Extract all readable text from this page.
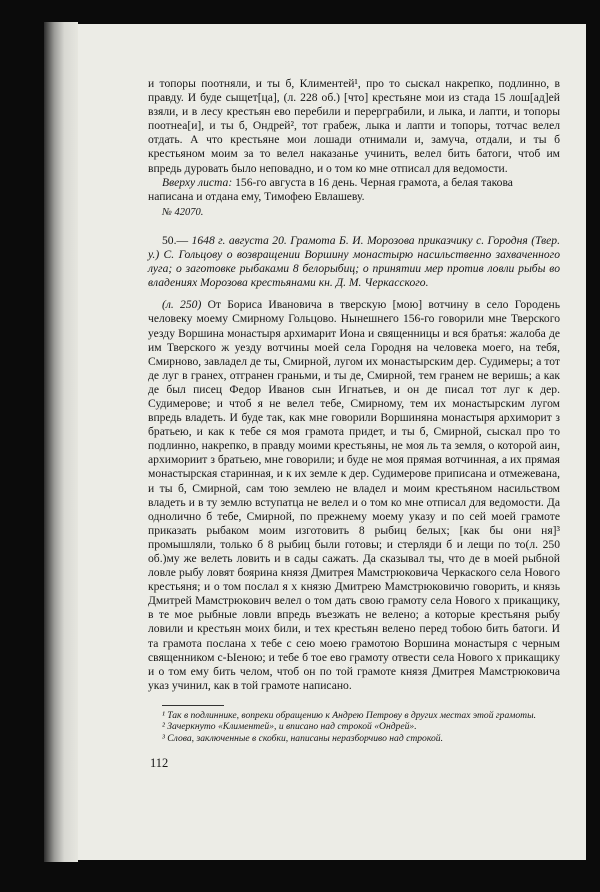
и топоры поотняли, и ты б, Климентей¹, про то сыскал накрепко, подлинно, в правду. И буде сыщет[ца], (л. 228 об.) [что] крестьяне мои из стада 15 лош[ад]ей взяли, и в лесу крестьян ево перебили и перерграбили, и лыка, и лапти, и топоры поотнеа[и], и ты б, Ондрей², тот грабеж, лыка и лапти и топоры, тотчас велел отдать. А что крестьяне мои лошади отнимали и, замуча, отдали, и ты б крестьяном моим за то велел наказанье учинить, велел бить батоги, чтоб им впредь дуровать было неповадно, и о том ко мне отписал для ведомости.

Вверху листа: 156-го августа в 16 день. Черная грамота, а белая такова написана и отдана ему, Тимофею Евлашеву.

№ 42070.

50.— 1648 г. августа 20. Грамота Б. И. Морозова приказчику с. Городня (Твер. у.) С. Гольцову о возвращении Воршину монастырю насильственно захваченного луга; о заготовке рыбаками 8 белорыбиц; о принятии мер против ловли рыбы во владениях Морозова крестьянами кн. Д. М. Черкасского.

(л. 250) От Бориса Ивановича в тверскую [мою] вотчину в село Городень человеку моему Смирному Гольцово. Нынешнего 156-го говорили мне Тверского уезду Воршина монастыря архимарит Иона и священницы и вся братья: жалоба де им Тверского ж уезду вотчины моей села Городня на человека моего, на тебя, Смирново, завладел де ты, Смирной, лугом их монастырским дер. Судимеры; а тот де луг в гранех, отгранен граньми, и ты де, Смирной, тем гранем не веришь; а как де был писец Федор Иванов сын Игнатьев, и он де писал тот луг к дер. Судимерове; и чтоб я не велел тебе, Смирному, тем их монастырским лугом впредь владеть. И буде так, как мне говорили Воршиняна монастыря архиморит з братьею, и как к тебе ся моя грамота придет, и ты б, Смирной, сыскал про то подлинно, накрепко, в правду моими крестьяны, не моя ль та земля, о которой аин, архимориит з братьею, мне говорили; и буде не моя прямая вотчинная, а их прямая монастырская старинная, и к их земле к дер. Судимерове приписана и отмежевана, и ты б, Смирной, сам тою землею не владел и моим крестьяном насильством владеть и в ту землю вступатца не велел и о том ко мне отписал для ведомости. Да однолично б тебе, Смирной, по прежнему моему указу и по сей моей грамоте приказать рыбаком моим изготовить 8 рыбиц белых; [как бы они ня]³ промышляли, только б 8 рыбиц были готовы; и стерляди б и лещи по то(л. 250 об.)му же велеть ловить и в сады сажать. Да сказывал ты, что де в моей рыбной ловле рыбу ловят боярина князя Дмитрея Мамстрюковича Черкаского села Нового крестьяня; и о том послал я х князю Дмитрею Мамстрюковичю говорить, и князь Дмитрей Мамстрюкович велел о том дать свою грамоту села Нового х прикащику, в те мое рыбные ловли впредь въезжать не велено; а которые крестьяня рыбу ловили и крестьян моих били, и тех крестьян велено перед тобою бить батоги. И та грамота послана х тебе с сею моею грамотою Воршина монастыря с черным священником с-Ыеною; и тебе б тое ево грамоту отвести села Нового х прикащику и о том ему бить челом, чтоб он по той грамоте князя Дмитрея Мамстрюковича указ учинил, как в той грамоте написано.

¹ Так в подлиннике, вопреки обращению к Андрею Петрову в других местах этой грамоты.

² Зачеркнуто «Климентей», и вписано над строкой «Ондрей».

³ Слова, заключенные в скобки, написаны неразборчиво над строкой.

112
